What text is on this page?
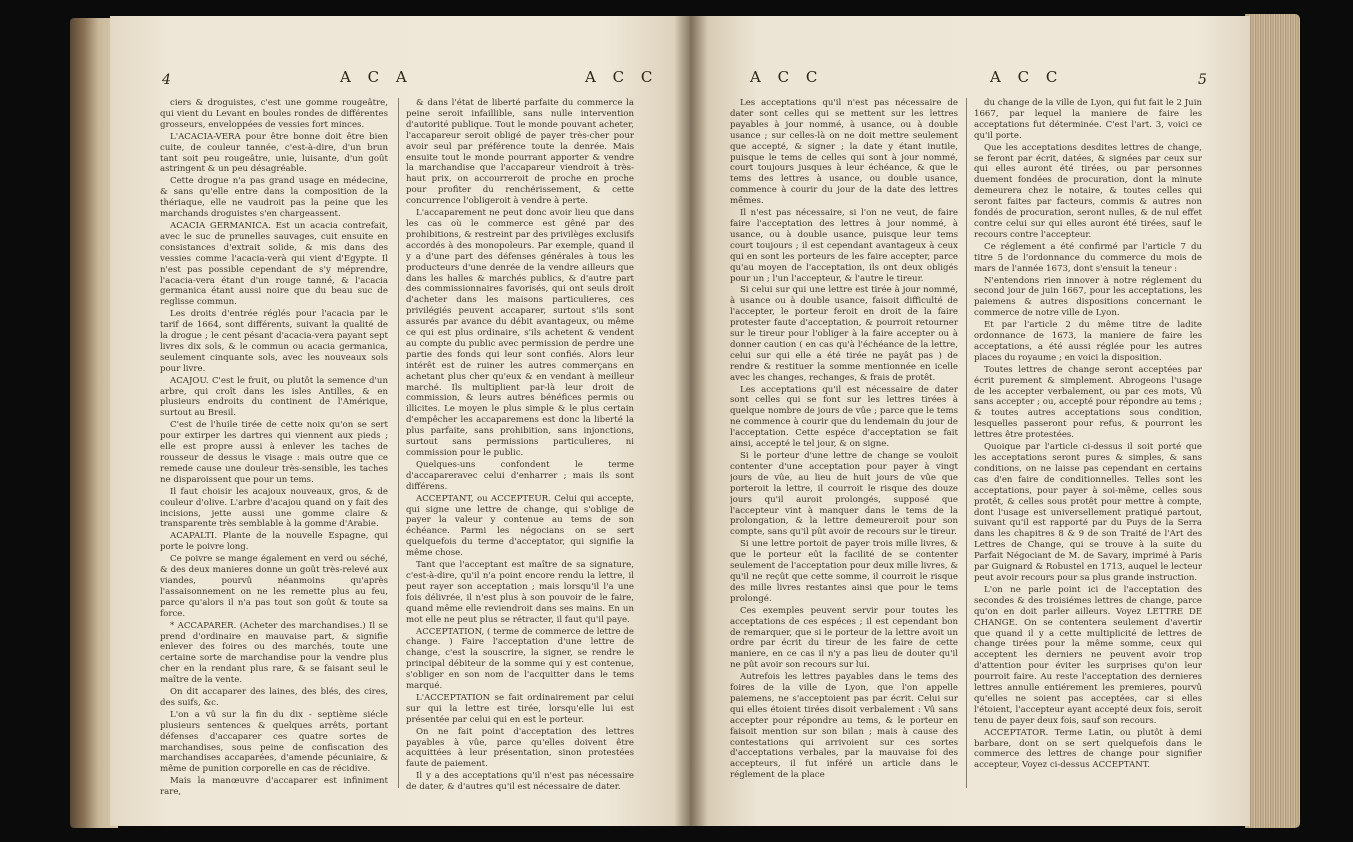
4	A C A	A C C

ciers & droguistes, c'est une gomme rougeâtre, qui vient du Levant en boules rondes de différentes grosseurs, enveloppées de vessies fort minces.

L'ACACIA-VERA pour être bonne doit être bien cuite, de couleur tannée, c'est-à-dire, d'un brun tant soit peu rougeâtre, unie, luisante, d'un goût astringent & un peu désagréable.

Cette drogue n'a pas grand usage en médecine, & sans qu'elle entre dans la composition de la thériaque, elle ne vaudroit pas la peine que les marchands droguistes s'en chargeassent.

ACACIA GERMANICA. Est un acacia contrefait, avec le suc de prunelles sauvages, cuit ensuite en consistances d'extrait solide, & mis dans des vessies comme l'acacia-verà qui vient d'Egypte. Il n'est pas possible cependant de s'y méprendre, l'acacia-vera étant d'un rouge tanné, & l'acacia germanica étant aussi noire que du beau suc de reglisse commun.

Les droits d'entrée réglés pour l'acacia par le tarif de 1664, sont différents, suivant la qualité de la drogue ; le cent pésant d'acacia-vera payant sept livres dix sols, & le commun ou acacia germanica, seulement cinquante sols, avec les nouveaux sols pour livre.

ACAJOU. C'est le fruit, ou plutôt la semence d'un arbre, qui croît dans les isles Antilles, & en plusieurs endroits du continent de l'Amérique, surtout au Bresil.

C'est de l'huile tirée de cette noix qu'on se sert pour extirper les dartres qui viennent aux pieds ; elle est propre aussi à enlever les taches de rousseur de dessus le visage : mais outre que ce remede cause une douleur très-sensible, les taches ne disparoissent que pour un tems.

Il faut choisir les acajoux nouveaux, gros, & de couleur d'olive. L'arbre d'acajou quand on y fait des incisions, jette aussi une gomme claire & transparente très semblable à la gomme d'Arabie.

ACAPALTI. Plante de la nouvelle Espagne, qui porte le poivre long.

Ce poivre se mange également en verd ou séché, & des deux manieres donne un goût très-relevé aux viandes, pourvû néanmoins qu'après l'assaisonnement on ne les remette plus au feu, parce qu'alors il n'a pas tout son goût & toute sa force.

* ACCAPARER. (Acheter des marchandises.) Il se prend d'ordinaire en mauvaise part, & signifie enlever des foires ou des marchés, toute une certaine sorte de marchandise pour la vendre plus cher en la rendant plus rare, & se faisant seul le maître de la vente.

On dit accaparer des laines, des blés, des cires, des suifs, &c.

L'on a vû sur la fin du dix - septième siécle plusieurs sentences & quelques arrêts, portant défenses d'accaparer ces quatre sortes de marchandises, sous peine de confiscation des marchandises accaparées, d'amende pécuniaire, & même de punition corporelle en cas de récidive.

Mais la manœuvre d'accaparer est infiniment rare,

& dans l'état de liberté parfaite du commerce la peine seroit infaillible, sans nulle intervention d'autorité publique. Tout le monde pouvant acheter, l'accapareur seroit obligé de payer très-cher pour avoir seul par préférence toute la denrée. Mais ensuite tout le monde pourrant apporter & vendre la marchandise que l'accapareur viendroit à très-haut prix, on accourreroit de proche en proche pour profiter du renchérissement, & cette concurrence l'obligeroit à vendre à perte.

L'accaparement ne peut donc avoir lieu que dans les cas où le commerce est gêné par des prohibitions, & restreint par des privilèges exclusifs accordés à des monopoleurs. Par exemple, quand il y a d'une part des défenses générales à tous les producteurs d'une denrée de la vendre ailleurs que dans les halles & marchés publics, & d'autre part des commissionnaires favorisés, qui ont seuls droit d'acheter dans les maisons particulieres, ces privilégiés peuvent accaparer, surtout s'ils sont assurés par avance du débit avantageux, ou même ce qui est plus ordinaire, s'ils achetent & vendent au compte du public avec permission de perdre une partie des fonds qui leur sont confiés. Alors leur intérêt est de ruiner les autres commerçans en achetant plus cher qu'eux & en vendant à meilleur marché. Ils multiplient par-là leur droit de commission, & leurs autres bénéfices permis ou illicites. Le moyen le plus simple & le plus certain d'empêcher les accaparemens est donc la liberté la plus parfaite, sans prohibition, sans injonctions, surtout sans permissions particulieres, ni commission pour le public.

Quelques-uns confondent le terme d'accapareravec celui d'enharrer ; mais ils sont différens.

ACCEPTANT, ou ACCEPTEUR. Celui qui accepte, qui signe une lettre de change, qui s'oblige de payer la valeur y contenue au tems de son échéance. Parmi les négocians on se sert quelquefois du terme d'acceptator, qui signifie la même chose.

Tant que l'acceptant est maître de sa signature, c'est-à-dire, qu'il n'a point encore rendu la lettre, il peut rayer son acceptation ; mais lorsqu'il l'a une fois délivrée, il n'est plus à son pouvoir de le faire, quand même elle reviendroit dans ses mains. En un mot elle ne peut plus se rétracter, il faut qu'il paye.

ACCEPTATION, ( terme de commerce de lettre de change. ) Faire l'acceptation d'une lettre de change, c'est la souscrire, la signer, se rendre le principal débiteur de la somme qui y est contenue, s'obliger en son nom de l'acquitter dans le tems marqué.

L'ACCEPTATION se fait ordinairement par celui sur qui la lettre est tirée, lorsqu'elle lui est présentée par celui qui en est le porteur.

On ne fait point d'acceptation des lettres payables à vûe, parce qu'elles doivent être acquittées à leur présentation, sinon protestées faute de paiement.

Il y a des acceptations qu'il n'est pas nécessaire de dater, & d'autres qu'il est nécessaire de dater.

A C C	A C C	5

Les acceptations qu'il n'est pas nécessaire de dater sont celles qui se mettent sur les lettres payables à jour nommé, à usance, ou à double usance ; sur celles-là on ne doit mettre seulement que accepté, & signer ; la date y étant inutile, puisque le tems de celles qui sont à jour nommé, court toujours jusques à leur échéance, & que le tems des lettres à usance, ou double usance, commence à courir du jour de la date des lettres mêmes.

Il n'est pas nécessaire, si l'on ne veut, de faire faire l'acceptation des lettres à jour nommé, à usance, ou à double usance, puisque leur tems court toujours ; il est cependant avantageux à ceux qui en sont les porteurs de les faire accepter, parce qu'au moyen de l'acceptation, ils ont deux obligés pour un ; l'un l'accepteur, & l'autre le tireur.

Si celui sur qui une lettre est tirée à jour nommé, à usance ou à double usance, faisoit difficulté de l'accepter, le porteur feroit en droit de la faire protester faute d'acceptation, & pourroit retourner sur le tireur pour l'obliger à la faire accepter ou à donner caution ( en cas qu'à l'échéance de la lettre, celui sur qui elle a été tirée ne payât pas ) de rendre & restituer la somme mentionnée en icelle avec les changes, rechanges, & frais de protêt.

Les acceptations qu'il est nécessaire de dater sont celles qui se font sur les lettres tirées à quelque nombre de jours de vûe ; parce que le tems ne commence à courir que du lendemain du jour de l'acceptation. Cette espéce d'acceptation se fait ainsi, accepté le tel jour, & on signe.

Si le porteur d'une lettre de change se vouloit contenter d'une acceptation pour payer à vingt jours de vûe, au lieu de huit jours de vûe que porteroit la lettre, il courroit le risque des douze jours qu'il auroit prolongés, supposé que l'accepteur vint à manquer dans le tems de la prolongation, & la lettre demeureroit pour son compte, sans qu'il pût avoir de recours sur le tireur.

Si une lettre portoit de payer trois mille livres, & que le porteur eût la facilité de se contenter seulement de l'acceptation pour deux mille livres, & qu'il ne reçût que cette somme, il courroit le risque des mille livres restantes ainsi que pour le tems prolongé.

Ces exemples peuvent servir pour toutes les acceptations de ces espéces ; il est cependant bon de remarquer, que si le porteur de la lettre avoit un ordre par écrit du tireur de les faire de cette maniere, en ce cas il n'y a pas lieu de douter qu'il ne pût avoir son recours sur lui.

Autrefois les lettres payables dans le tems des foires de la ville de Lyon, que l'on appelle paiemens, ne s'acceptoient pas par écrit. Celui sur qui elles étoient tirées disoit verbalement : Vû sans accepter pour répondre au tems, & le porteur en faisoit mention sur son bilan ; mais à cause des contestations qui arrivoient sur ces sortes d'acceptations verbales, par la mauvaise foi des accepteurs, il fut inféré un article dans le réglement de la place

du change de la ville de Lyon, qui fut fait le 2 Juin 1667, par lequel la maniere de faire les acceptations fut déterminée. C'est l'art. 3, voici ce qu'il porte.

Que les acceptations desdites lettres de change, se feront par écrit, datées, & signées par ceux sur qui elles auront été tirées, ou par personnes duement fondées de procuration, dont la minute demeurera chez le notaire, & toutes celles qui seront faites par facteurs, commis & autres non fondés de procuration, seront nulles, & de nul effet contre celui sur qui elles auront été tirées, sauf le recours contre l'accepteur.

Ce réglement a été confirmé par l'article 7 du titre 5 de l'ordonnance du commerce du mois de mars de l'année 1673, dont s'ensuit la teneur :

N'entendons rien innover à notre réglement du second jour de juin 1667, pour les acceptations, les paiemens & autres dispositions concernant le commerce de notre ville de Lyon.

Et par l'article 2 du même titre de ladite ordonnance de 1673, la maniere de faire les acceptations, a été aussi réglée pour les autres places du royaume ; en voici la disposition.

Toutes lettres de change seront acceptées par écrit purement & simplement. Abrogeons l'usage de les accepter verbalement, ou par ces mots, Vû sans accepter ; ou, accepté pour répondre au tems ; & toutes autres acceptations sous condition, lesquelles passeront pour refus, & pourront les lettres être protestées.

Quoique par l'article ci-dessus il soit porté que les acceptations seront pures & simples, & sans conditions, on ne laisse pas cependant en certains cas d'en faire de conditionnelles. Telles sont les acceptations, pour payer à soi-même, celles sous protêt, & celles sous protêt pour mettre à compte, dont l'usage est universellement pratiqué partout, suivant qu'il est rapporté par du Puys de la Serra dans les chapitres 8 & 9 de son Traité de l'Art des Lettres de Change, qui se trouve à la suite du Parfait Négociant de M. de Savary, imprimé à Paris par Guignard & Robustel en 1713, auquel le lecteur peut avoir recours pour sa plus grande instruction.

L'on ne parle point ici de l'acceptation des secondes & des troisiémes lettres de change, parce qu'on en doit parler ailleurs. Voyez LETTRE DE CHANGE. On se contentera seulement d'avertir que quand il y a cette multiplicité de lettres de change tirées pour la même somme, ceux qui acceptent les derniers ne peuvent avoir trop d'attention pour éviter les surprises qu'on leur pourroit faire. Au reste l'acceptation des dernieres lettres annulle entiérement les premieres, pourvû qu'elles ne soient pas acceptées, car si elles l'étoient, l'accepteur ayant accepté deux fois, seroit tenu de payer deux fois, sauf son recours.

ACCEPTATOR. Terme Latin, ou plutôt à demi barbare, dont on se sert quelquefois dans le commerce des lettres de change pour signifier accepteur, Voyez ci-dessus ACCEPTANT.
